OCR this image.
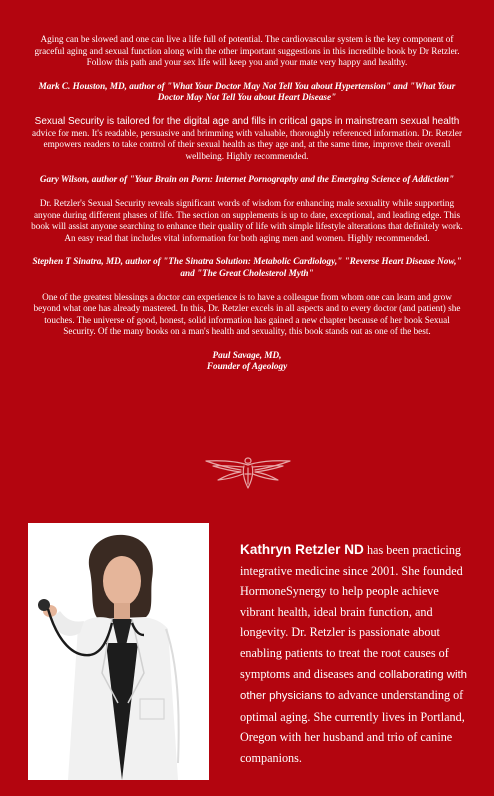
Aging can be slowed and one can live a life full of potential. The cardiovascular system is the key component of graceful aging and sexual function along with the other important suggestions in this incredible book by Dr Retzler. Follow this path and your sex life will keep you and your mate very happy and healthy.

Mark C. Houston, MD, author of "What Your Doctor May Not Tell You about Hypertension" and "What Your Doctor May Not Tell You about Heart Disease"

Sexual Security is tailored for the digital age and fills in critical gaps in mainstream sexual health advice for men. It's readable, persuasive and brimming with valuable, thoroughly referenced information. Dr. Retzler empowers readers to take control of their sexual health as they age and, at the same time, improve their overall wellbeing. Highly recommended.

Gary Wilson, author of "Your Brain on Porn: Internet Pornography and the Emerging Science of Addiction"

Dr. Retzler's Sexual Security reveals significant words of wisdom for enhancing male sexuality while supporting anyone during different phases of life. The section on supplements is up to date, exceptional, and leading edge. This book will assist anyone searching to enhance their quality of life with simple lifestyle alterations that definitely work. An easy read that includes vital information for both aging men and women. Highly recommended.

Stephen T Sinatra, MD, author of "The Sinatra Solution: Metabolic Cardiology," "Reverse Heart Disease Now," and "The Great Cholesterol Myth"

One of the greatest blessings a doctor can experience is to have a colleague from whom one can learn and grow beyond what one has already mastered. In this, Dr. Retzler excels in all aspects and to every doctor (and patient) she touches. The universe of good, honest, solid information has gained a new chapter because of her book Sexual Security. Of the many books on a man's health and sexuality, this book stands out as one of the best.

Paul Savage, MD,
Founder of Ageology

Kathryn Retzler ND has been practicing integrative medicine since 2001. She founded HormoneSynergy to help people achieve vibrant health, ideal brain function, and longevity. Dr. Retzler is passionate about enabling patients to treat the root causes of symptoms and diseases and collaborating with other physicians to advance understanding of optimal aging. She currently lives in Portland, Oregon with her husband and trio of canine companions.
